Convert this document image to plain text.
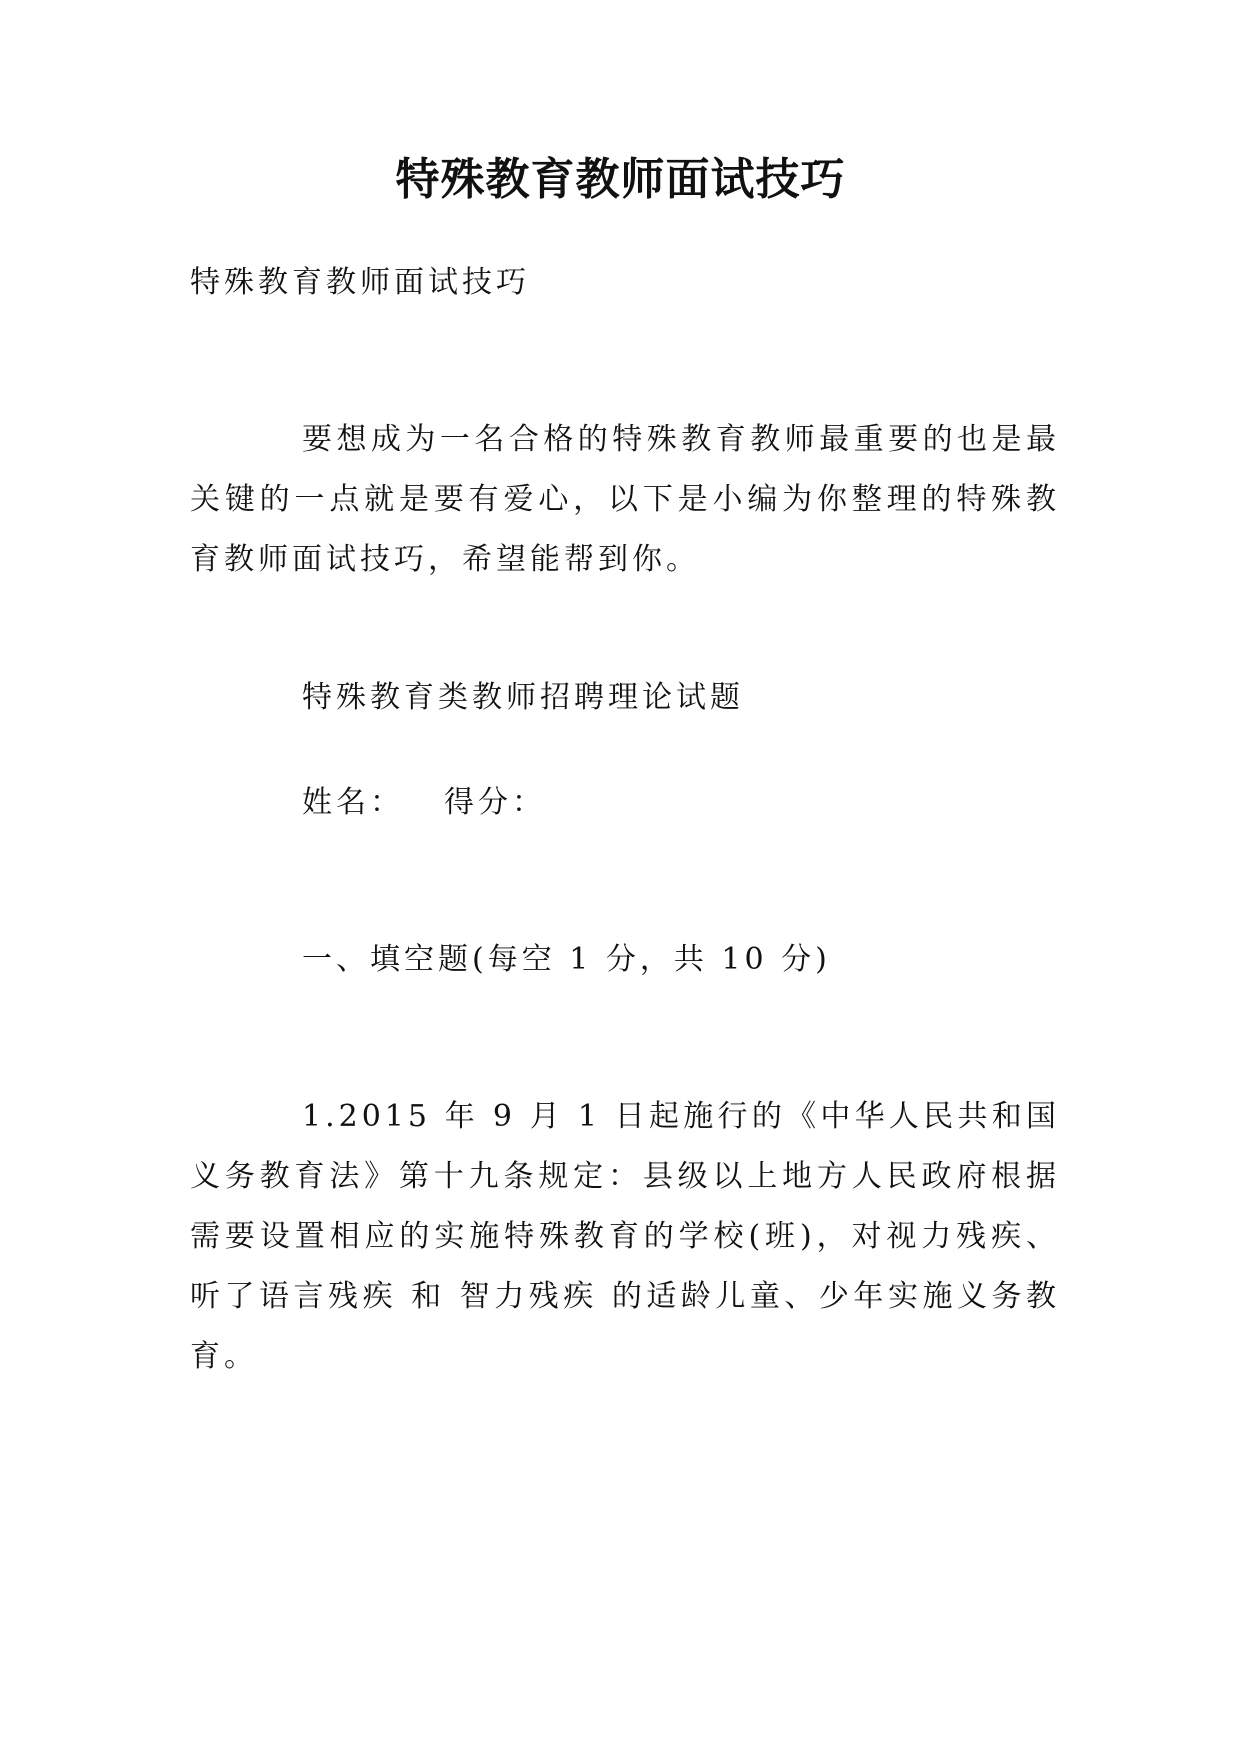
特殊教育教师面试技巧
特殊教育教师面试技巧
要想成为一名合格的特殊教育教师最重要的也是最关键的一点就是要有爱心，以下是小编为你整理的特殊教育教师面试技巧，希望能帮到你。
特殊教育类教师招聘理论试题
姓名： 得分：
一、填空题(每空 1 分，共 10 分)
1.2015 年 9 月 1 日起施行的《中华人民共和国义务教育法》第十九条规定：县级以上地方人民政府根据需要设置相应的实施特殊教育的学校(班)，对视力残疾、 听了语言残疾 和 智力残疾 的适龄儿童、少年实施义务教育。
